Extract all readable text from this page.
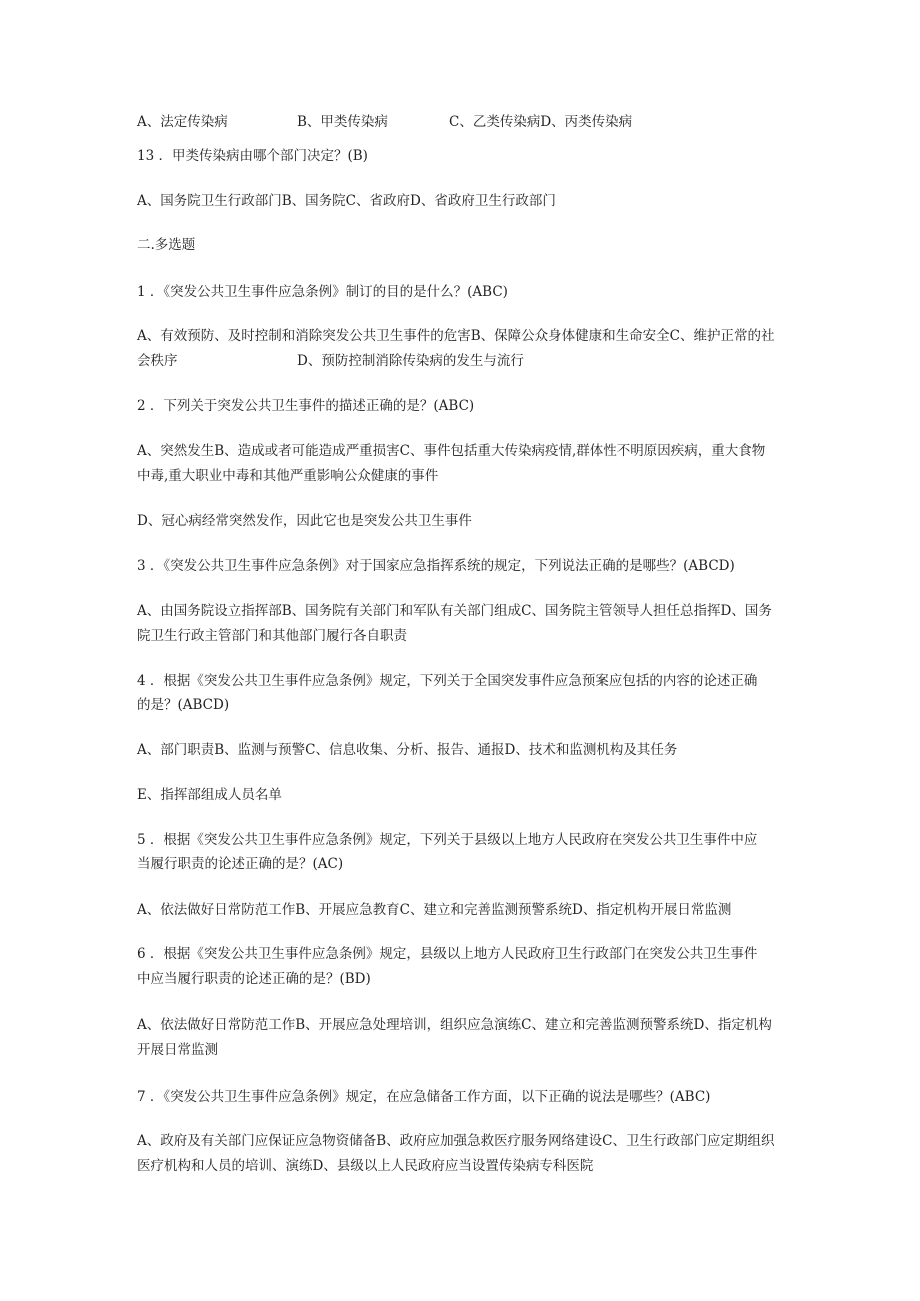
A、法定传染病	B、甲类传染病	C、乙类传染病D、丙类传染病
13 ．甲类传染病由哪个部门决定？(B)
A、国务院卫生行政部门B、国务院C、省政府D、省政府卫生行政部门
二.多选题
1 ．《突发公共卫生事件应急条例》制订的目的是什么？(ABC)
A、有效预防、及时控制和消除突发公共卫生事件的危害B、保障公众身体健康和生命安全C、维护正常的社
会秩序	D、预防控制消除传染病的发生与流行
2 ．下列关于突发公共卫生事件的描述正确的是？(ABC)
A、突然发生B、造成或者可能造成严重损害C、事件包括重大传染病疫情,群体性不明原因疾病，重大食物
中毒,重大职业中毒和其他严重影响公众健康的事件
D、冠心病经常突然发作，因此它也是突发公共卫生事件
3 ．《突发公共卫生事件应急条例》对于国家应急指挥系统的规定，下列说法正确的是哪些？(ABCD)
A、由国务院设立指挥部B、国务院有关部门和军队有关部门组成C、国务院主管领导人担任总指挥D、国务
院卫生行政主管部门和其他部门履行各自职责
4 ．根据《突发公共卫生事件应急条例》规定，下列关于全国突发事件应急预案应包括的内容的论述正确
的是？(ABCD)
A、部门职责B、监测与预警C、信息收集、分析、报告、通报D、技术和监测机构及其任务
E、指挥部组成人员名单
5 ．根据《突发公共卫生事件应急条例》规定，下列关于县级以上地方人民政府在突发公共卫生事件中应
当履行职责的论述正确的是？(AC)
A、依法做好日常防范工作B、开展应急教育C、建立和完善监测预警系统D、指定机构开展日常监测
6 ．根据《突发公共卫生事件应急条例》规定，县级以上地方人民政府卫生行政部门在突发公共卫生事件
中应当履行职责的论述正确的是？(BD)
A、依法做好日常防范工作B、开展应急处理培训，组织应急演练C、建立和完善监测预警系统D、指定机构
开展日常监测
7 ．《突发公共卫生事件应急条例》规定，在应急储备工作方面，以下正确的说法是哪些？(ABC)
A、政府及有关部门应保证应急物资储备B、政府应加强急救医疗服务网络建设C、卫生行政部门应定期组织
医疗机构和人员的培训、演练D、县级以上人民政府应当设置传染病专科医院
